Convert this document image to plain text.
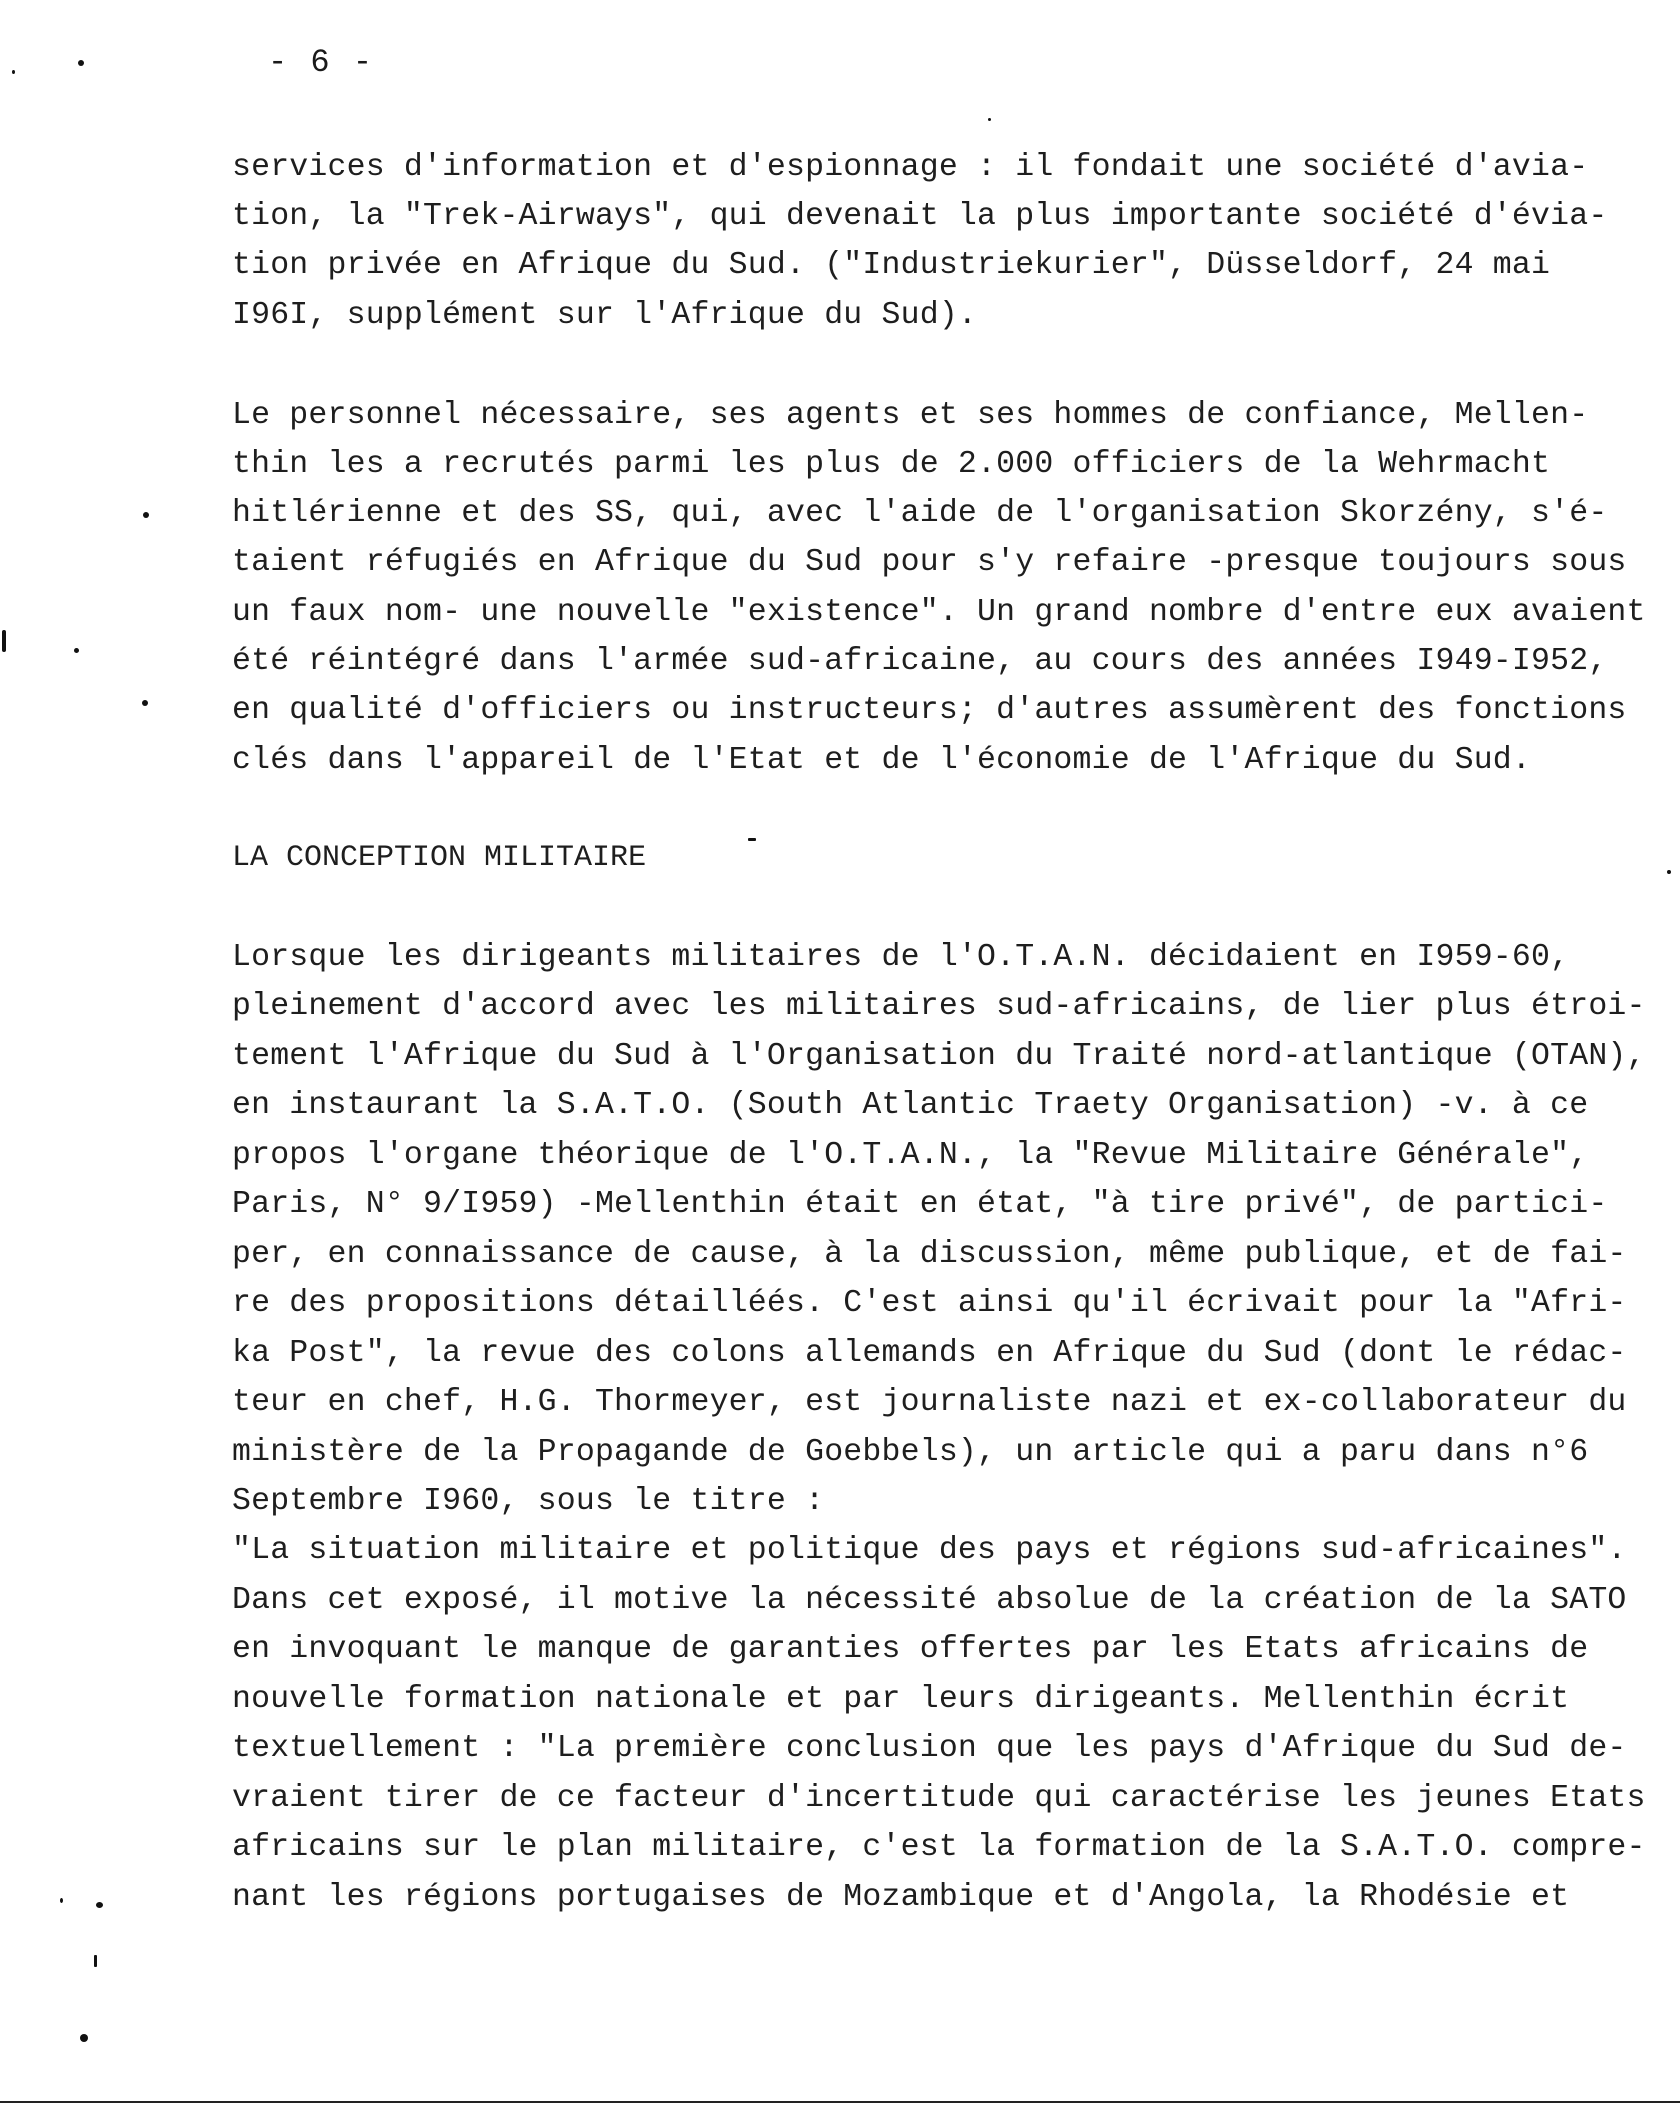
- 6 -
services d'information et d'espionnage : il fondait une société d'avia-
tion, la "Trek-Airways", qui devenait la plus importante société d'évia-
tion privée en Afrique du Sud. ("Industriekurier", Düsseldorf, 24 mai
I96I, supplément sur l'Afrique du Sud).
Le personnel nécessaire, ses agents et ses hommes de confiance, Mellen-
thin les a recrutés parmi les plus de 2.000 officiers de la Wehrmacht
hitlérienne et des SS, qui, avec l'aide de l'organisation Skorzény, s'é-
taient réfugiés en Afrique du Sud pour s'y refaire -presque toujours sous
un faux nom- une nouvelle "existence". Un grand nombre d'entre eux avaient
été réintégré dans l'armée sud-africaine, au cours des années I949-I952,
en qualité d'officiers ou instructeurs; d'autres assumèrent des fonctions
clés dans l'appareil de l'Etat et de l'économie de l'Afrique du Sud.
LA CONCEPTION MILITAIRE
Lorsque les dirigeants militaires de l'O.T.A.N. décidaient en I959-60,
pleinement d'accord avec les militaires sud-africains, de lier plus étroi-
tement l'Afrique du Sud à l'Organisation du Traité nord-atlantique (OTAN),
en instaurant la S.A.T.O. (South Atlantic Traety Organisation) -v. à ce
propos l'organe théorique de l'O.T.A.N., la "Revue Militaire Générale",
Paris, N° 9/I959) -Mellenthin était en état, "à tire privé", de partici-
per, en connaissance de cause, à la discussion, même publique, et de fai-
re des propositions détailléés. C'est ainsi qu'il écrivait pour la "Afri-
ka Post", la revue des colons allemands en Afrique du Sud (dont le rédac-
teur en chef, H.G. Thormeyer, est journaliste nazi et ex-collaborateur du
ministère de la Propagande de Goebbels), un article qui a paru dans n°6
Septembre I960, sous le titre :
"La situation militaire et politique des pays et régions sud-africaines".
Dans cet exposé, il motive la nécessité absolue de la création de la SATO
en invoquant le manque de garanties offertes par les Etats africains de
nouvelle formation nationale et par leurs dirigeants. Mellenthin écrit
textuellement : "La première conclusion que les pays d'Afrique du Sud de-
vraient tirer de ce facteur d'incertitude qui caractérise les jeunes Etats
africains sur le plan militaire, c'est la formation de la S.A.T.O. compre-
nant les régions portugaises de Mozambique et d'Angola, la Rhodésie et
